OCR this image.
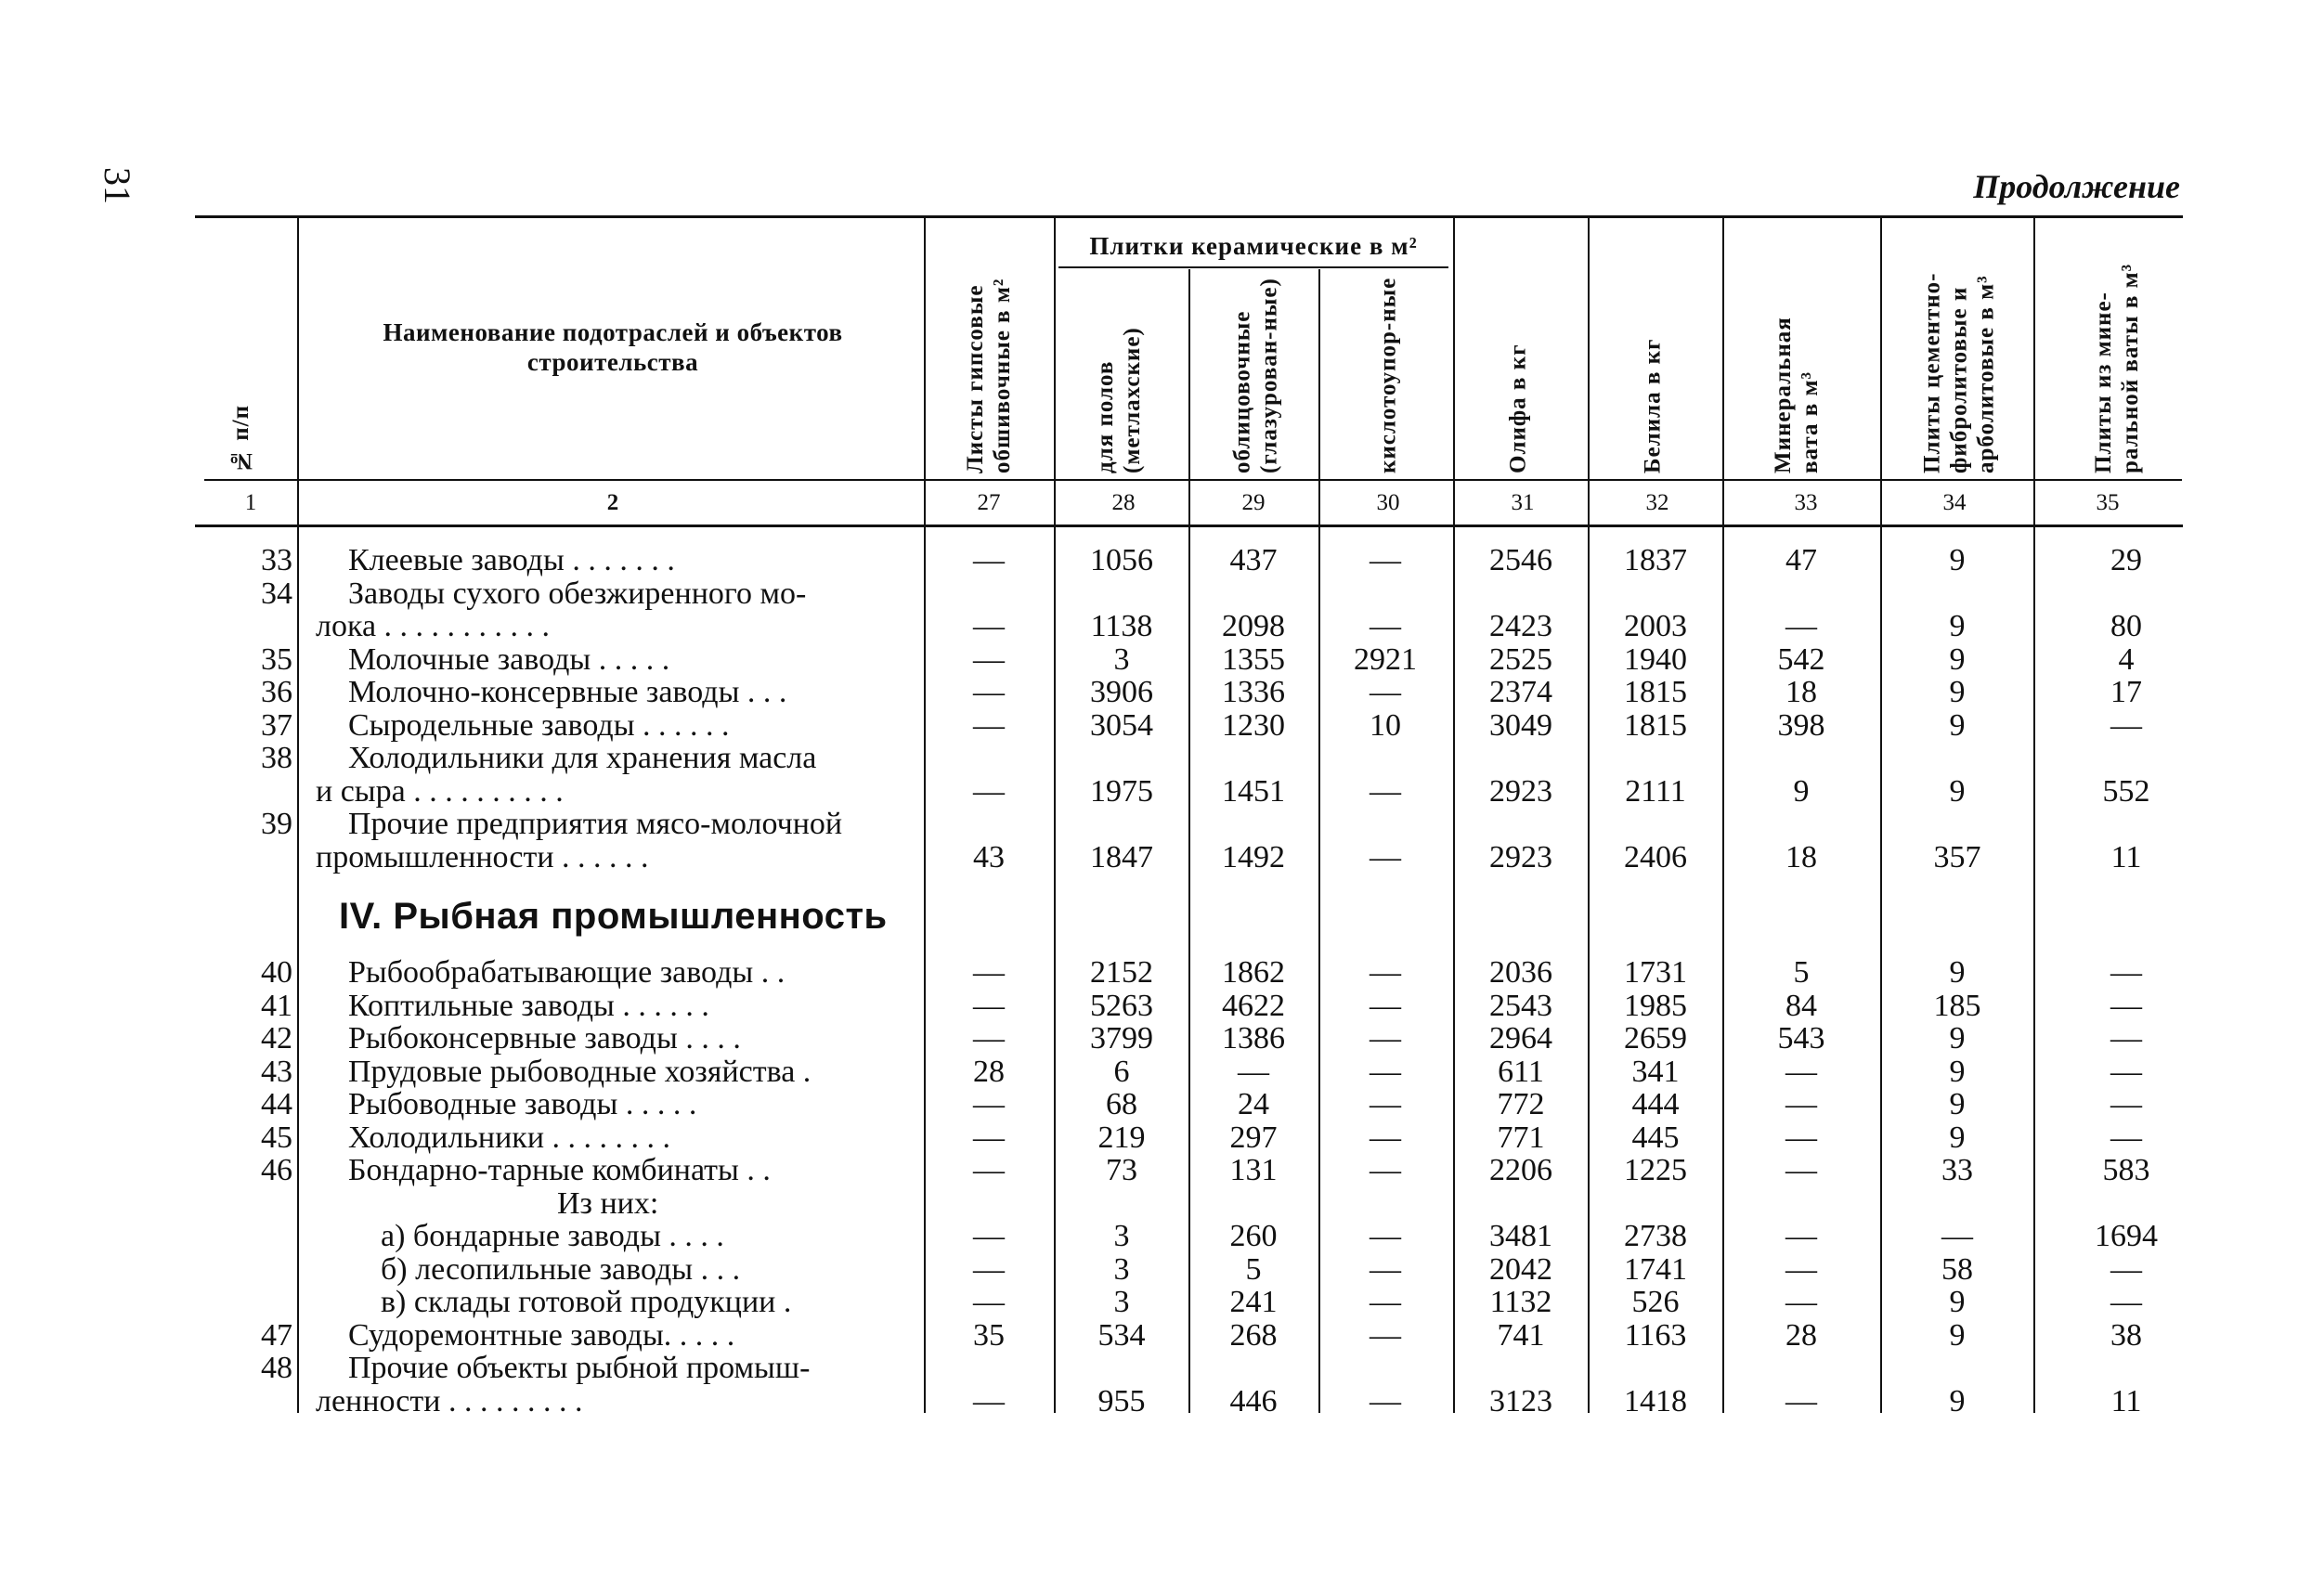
31	Продолжение
№ п/п
Наименование подотраслей и объектов строительства	Листы гипсовые обшивочные в м²
Плитки керамические в м²
для полов (метлахские)	облицовочные (глазурован-ные)	кислотоупор-ные	Олифа в кг	Белила в кг	Минеральная вата в м³	Плиты цементно-фибролитовые и арболитовые в м³	Плиты из мине-ральной ваты в м³
1	2	27	28	29	30	31	32	33	34	35
IV. Рыбная промышленность
33 Клеевые заводы . . . . . . .	—	1056	437	—	2546	1837	47	9	29
34 Заводы сухого обезжиренного мо-
лока . . . . . . . . . . .	—	1138	2098	—	2423	2003	—	9	80
35 Молочные заводы . . . . .	—	3	1355	2921	2525	1940	542	9	4
36 Молочно-консервные заводы . . .	—	3906	1336	—	2374	1815	18	9	17
37 Сыродельные заводы . . . . . .	—	3054	1230	10	3049	1815	398	9	—
38 Холодильники для хранения масла
и сыра . . . . . . . . . .	—	1975	1451	—	2923	2111	9	9	552
39 Прочие предприятия мясо-молочной
промышленности . . . . . .	43	1847	1492	—	2923	2406	18	357	11
40 Рыбообрабатывающие заводы . .	—	2152	1862	—	2036	1731	5	9	—
41 Коптильные заводы . . . . . .	—	5263	4622	—	2543	1985	84	185	—
42 Рыбоконсервные заводы . . . .	—	3799	1386	—	2964	2659	543	9	—
43 Прудовые рыбоводные хозяйства .	28	6	—	—	611	341	—	9	—
44 Рыбоводные заводы . . . . .	—	68	24	—	772	444	—	9	—
45 Холодильники . . . . . . . .	—	219	297	—	771	445	—	9	—
46 Бондарно-тарные комбинаты . .	—	73	131	—	2206	1225	—	33	583
Из них:
а) бондарные заводы . . . .	—	3	260	—	3481	2738	—	—	1694
б) лесопильные заводы . . .	—	3	5	—	2042	1741	—	58	—
в) склады готовой продукции .	—	3	241	—	1132	526	—	9	—
47 Судоремонтные заводы. . . . .	35	534	268	—	741	1163	28	9	38
48 Прочие объекты рыбной промыш-
ленности . . . . . . . . .	—	955	446	—	3123	1418	—	9	11
